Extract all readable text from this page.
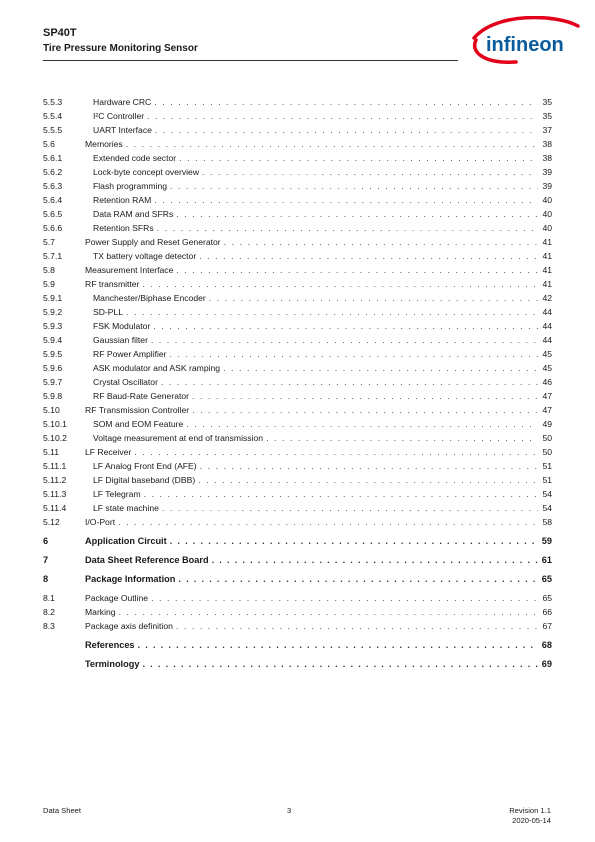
SP40T
Tire Pressure Monitoring Sensor	infineon
5.5.3	Hardware CRC . . .	35
5.5.4	I²C Controller . . .	35
5.5.5	UART Interface . . .	37
5.6	Memories . . .	38
5.6.1	Extended code sector . . .	38
5.6.2	Lock-byte concept overview . . .	39
5.6.3	Flash programming . . .	39
5.6.4	Retention RAM . . .	40
5.6.5	Data RAM and SFRs . . .	40
5.6.6	Retention SFRs . . .	40
5.7	Power Supply and Reset Generator . . .	41
5.7.1	TX battery voltage detector . . .	41
5.8	Measurement Interface . . .	41
5.9	RF transmitter . . .	41
5.9.1	Manchester/Biphase Encoder . . .	42
5.9.2	SD-PLL . . .	44
5.9.3	FSK Modulator . . .	44
5.9.4	Gaussian filter . . .	44
5.9.5	RF Power Amplifier . . .	45
5.9.6	ASK modulator and ASK ramping . . .	45
5.9.7	Crystal Oscillator . . .	46
5.9.8	RF Baud-Rate Generator . . .	47
5.10	RF Transmission Controller . . .	47
5.10.1	SOM and EOM Feature . . .	49
5.10.2	Voltage measurement at end of transmission . . .	50
5.11	LF Receiver . . .	50
5.11.1	LF Analog Front End (AFE) . . .	51
5.11.2	LF Digital baseband (DBB) . . .	51
5.11.3	LF Telegram . . .	54
5.11.4	LF state machine . . .	54
5.12	I/O-Port . . .	58
6	Application Circuit . . .	59
7	Data Sheet Reference Board . . .	61
8	Package Information . . .	65
8.1	Package Outline . . .	65
8.2	Marking . . .	66
8.3	Package axis definition . . .	67
References . . .	68
Terminology . . .	69
Data Sheet	3	Revision 1.1
2020-05-14
